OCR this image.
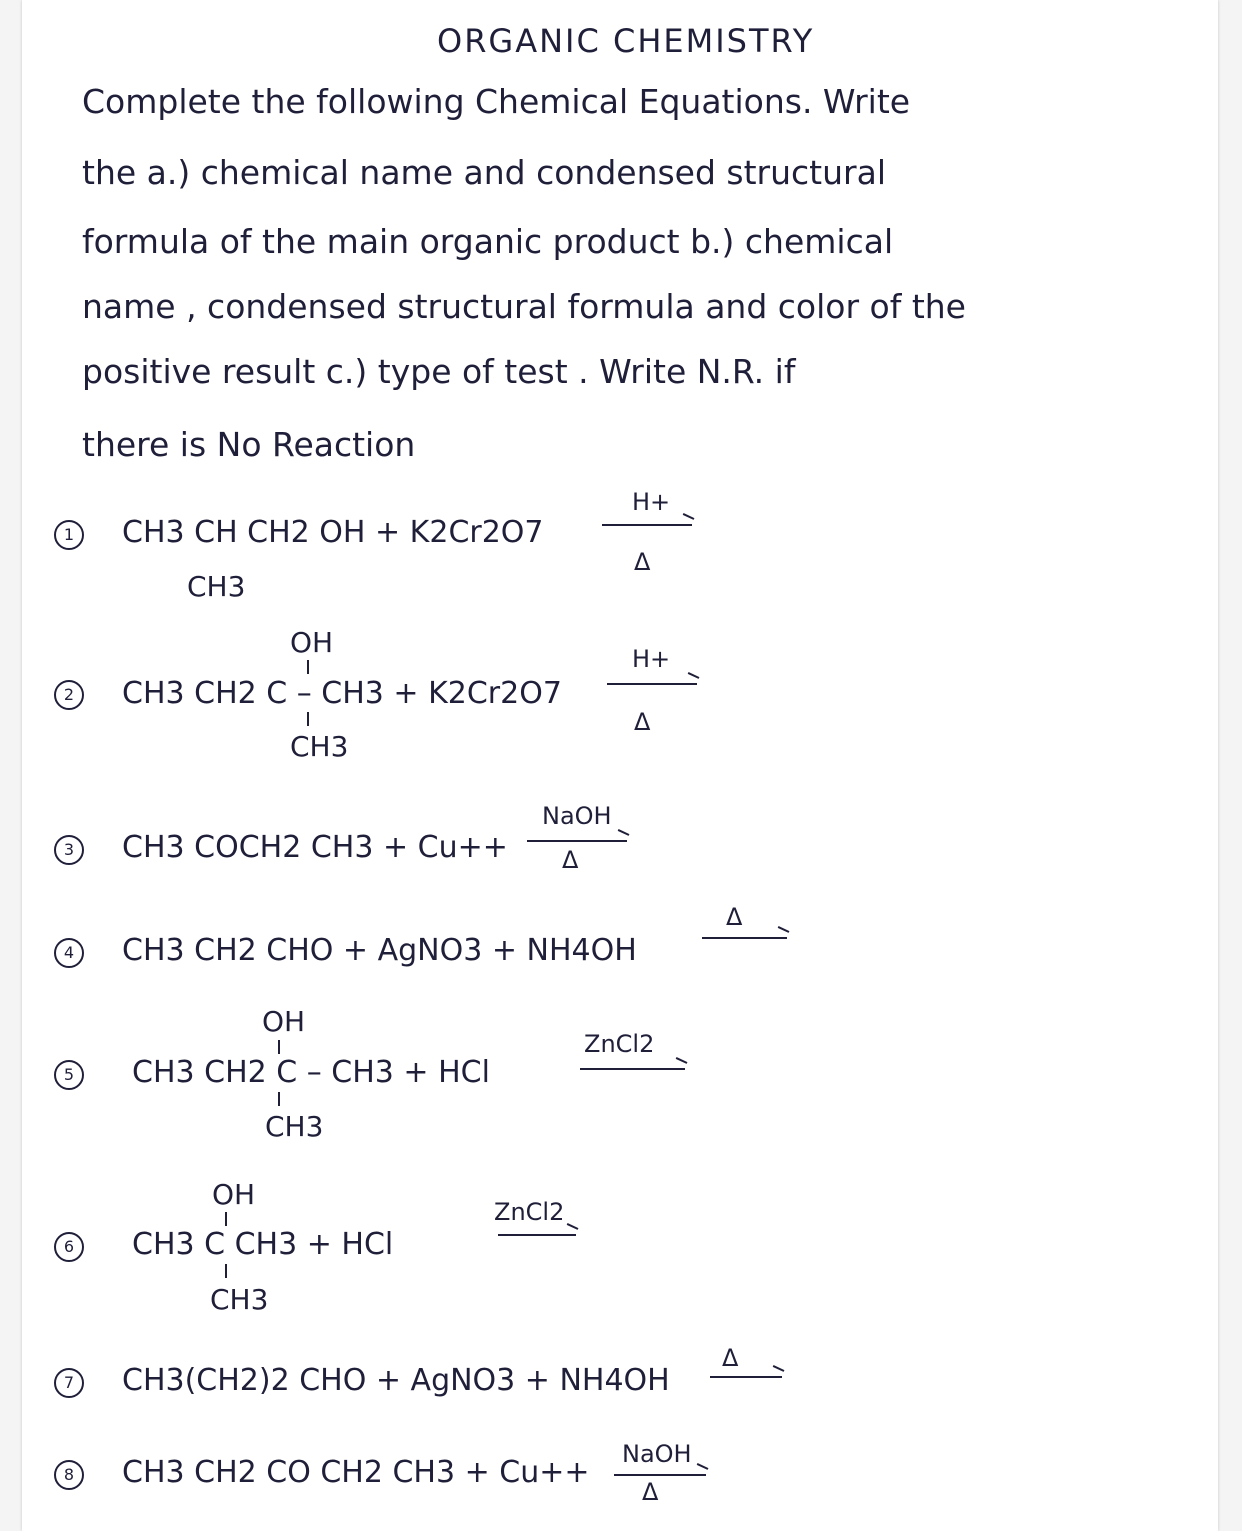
ORGANIC CHEMISTRY
Complete the following Chemical Equations. Write
the a.) chemical name and condensed structural
formula of the main organic product b.) chemical
name , condensed structural formula and color of the
positive result c.) type of test . Write N.R. if
there is No Reaction
1	CH3 CH CH2 OH + K2Cr2O7
CH3
H+
Δ
OH
2	CH3 CH2 C – CH3 + K2Cr2O7
CH3
H+
Δ
3	CH3 COCH2 CH3 + Cu++
NaOH
Δ
4	CH3 CH2 CHO + AgNO3 + NH4OH
Δ
OH
5	CH3 CH2 C – CH3 + HCl
CH3
ZnCl2
OH
6	CH3 C CH3 + HCl
CH3
ZnCl2
7	CH3(CH2)2 CHO + AgNO3 + NH4OH
Δ
8	CH3 CH2 CO CH2 CH3 + Cu++
NaOH
Δ
